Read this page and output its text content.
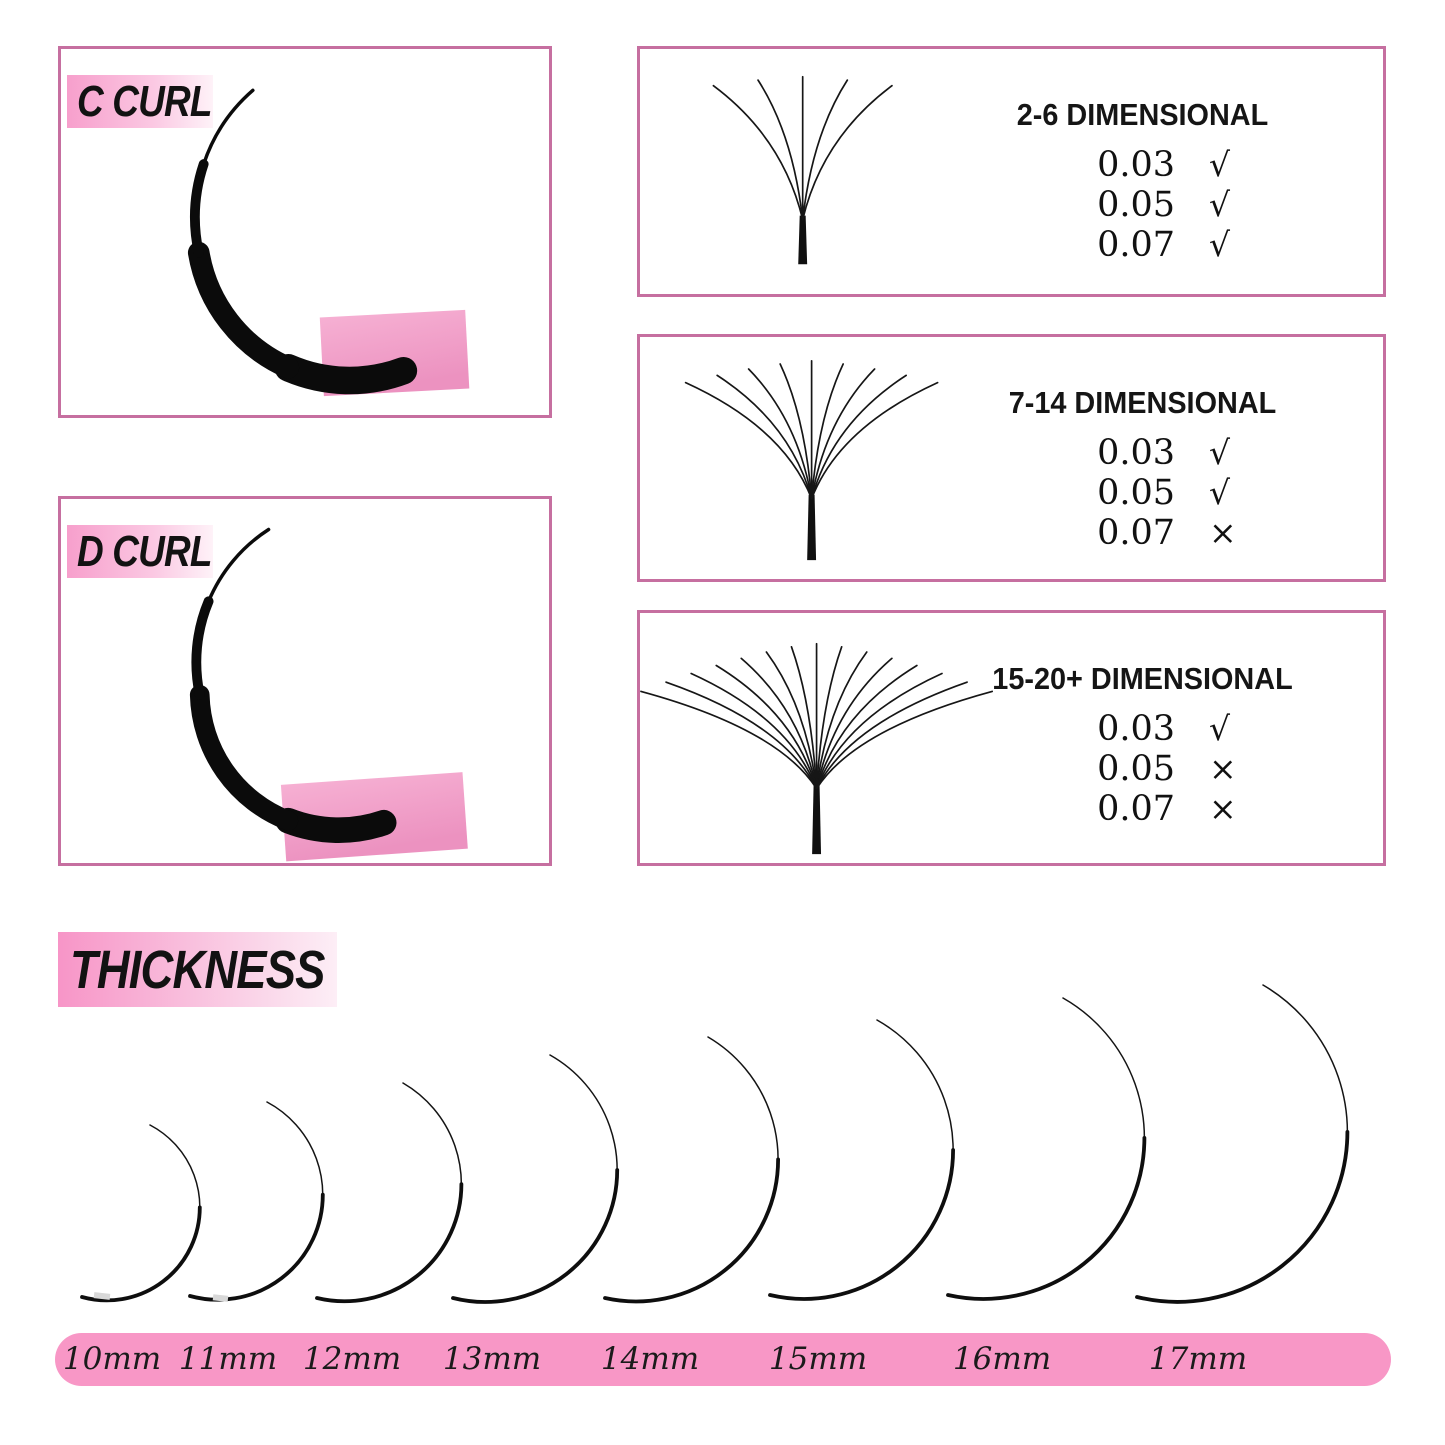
C CURL
D CURL
2-6 DIMENSIONAL
0.03 √
0.05 √
0.07 √
7-14 DIMENSIONAL
0.03 √
0.05 √
0.07 ×
15-20+ DIMENSIONAL
0.03 √
0.05 ×
0.07 ×
THICKNESS
10mm 11mm 12mm 13mm 14mm 15mm	16mm	17mm
